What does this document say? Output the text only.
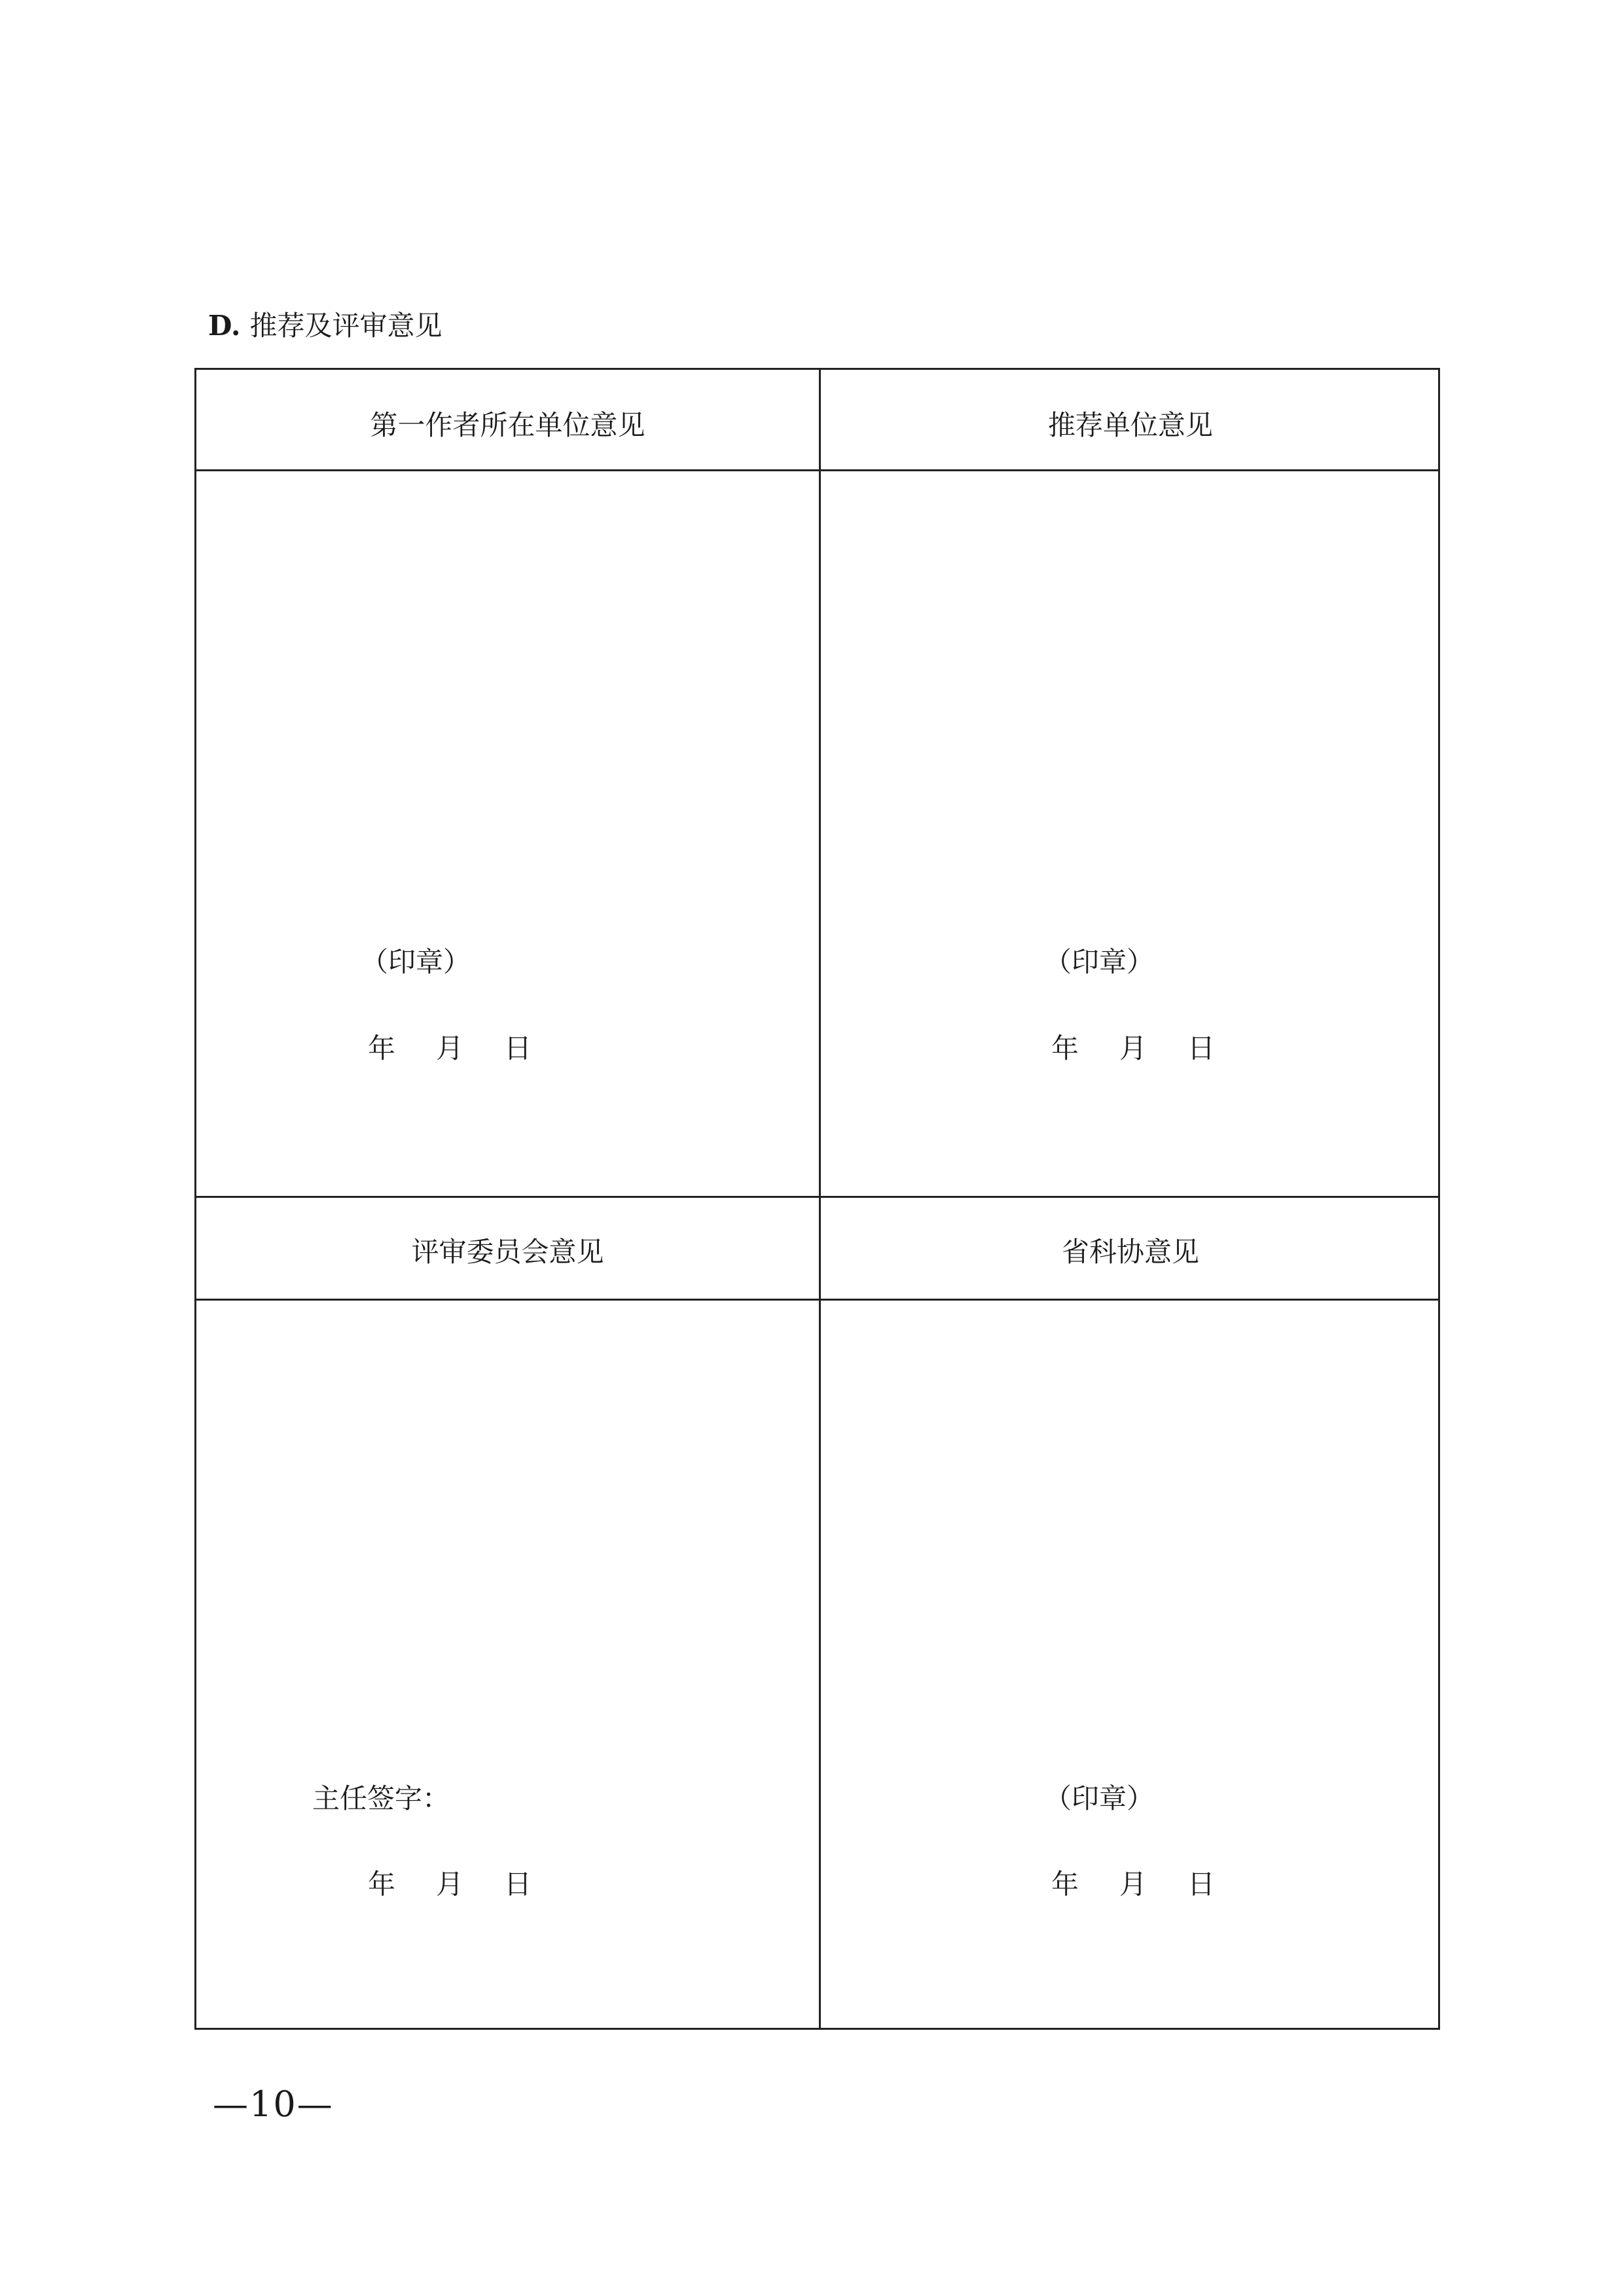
D. 推荐及评审意见
第一作者所在单位意见
（印章）
年 月 日
推荐单位意见
（印章）
年 月 日
评审委员会意见
主任签字：
年 月 日
省科协意见
（印章）
年 月 日
—10—
